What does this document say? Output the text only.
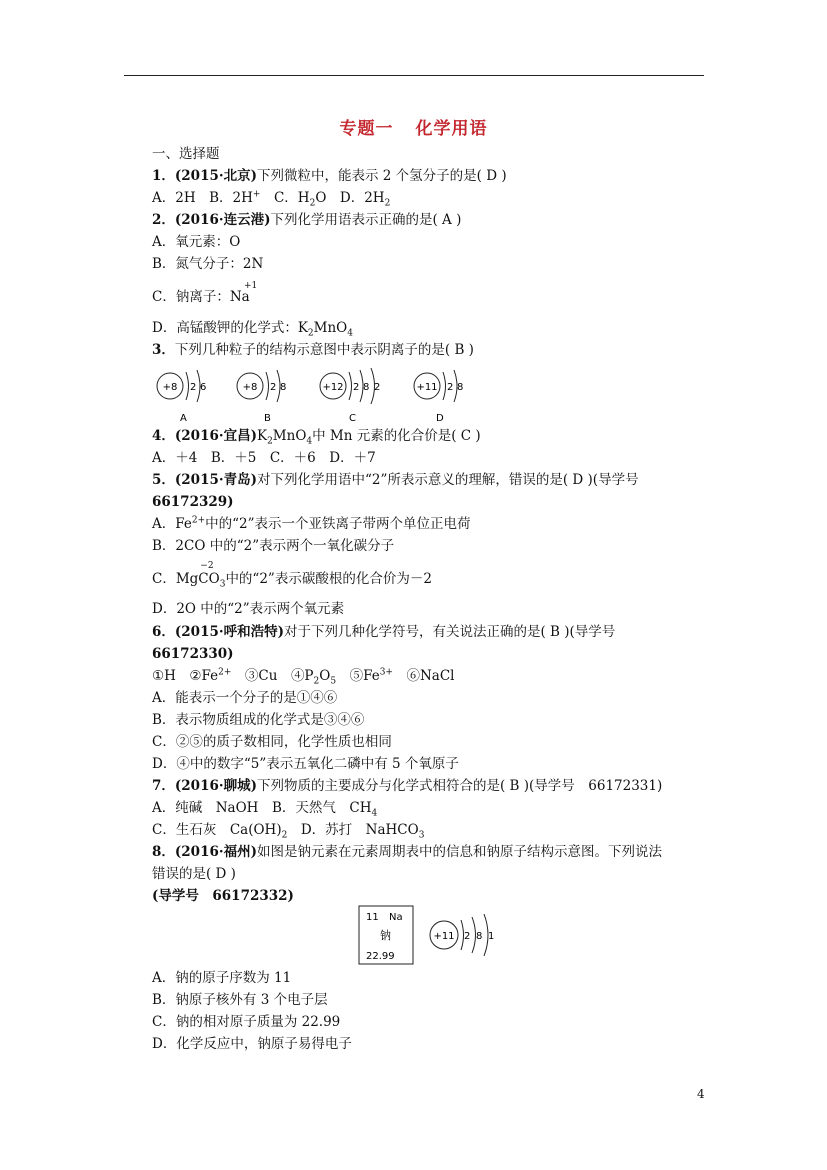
专题一 化学用语
一、选择题
1．(2015·北京)下列微粒中，能表示 2 个氢分子的是( D )
A．2H　 B．2H+　 C．$H_2O$　 D．$2H_2$
2．(2016·连云港)下列化学用语表示正确的是( A )
A．氧元素：O
B．氮气分子：2N
C．钠离子：Na
+1
D．高锰酸钾的化学式：$K_2MnO_4$
3．下列几种粒子的结构示意图中表示阴离子的是( B )
+8 2 6
A
+8 2 8
B
+12 2 8 2
C
+11 2 8
D
4．(2016·宜昌)$K_2MnO_4$中 Mn 元素的化合价是( C )
A．＋4　B．＋5　C．＋6　D．＋7
5．(2015·青岛)对下列化学用语中“2”所表示意义的理解，错误的是( D )(导学号
66172329)
A．$Fe^{2+}$中的“2”表示一个亚铁离子带两个单位正电荷
B．2CO 中的“2”表示两个一氧化碳分子
C．MgCO$_3$
−2
中的“2”表示碳酸根的化合价为－2
D．2O 中的“2”表示两个氧元素
6．(2015·呼和浩特)对于下列几种化学符号，有关说法正确的是( B )(导学号
66172330)
①H　 $②Fe^{2+}$　 ③Cu　 $④P_2O_5$　 $⑤Fe^{3+}$　 ⑥NaCl
A．能表示一个分子的是①④⑥
B．表示物质组成的化学式是③④⑥
C．②⑤的质子数相同，化学性质也相同
D．④中的数字“5”表示五氧化二磷中有 5 个氧原子
7．(2016·聊城)下列物质的主要成分与化学式相符合的是( B )(导学号　66172331)
A．纯碱　NaOH　 B．天然气　$CH_4$
C．生石灰　$Ca(OH)_2$　 D．苏打　NaHCO$_3$
8．(2016·福州)如图是钠元素在元素周期表中的信息和钠原子结构示意图。下列说法
错误的是( D )
(导学号　66172332)
11 Na
钠
22.99
+11 2 8 1
A．钠的原子序数为 11
B．钠原子核外有 3 个电子层
C．钠的相对原子质量为 22.99
D．化学反应中，钠原子易得电子
4
